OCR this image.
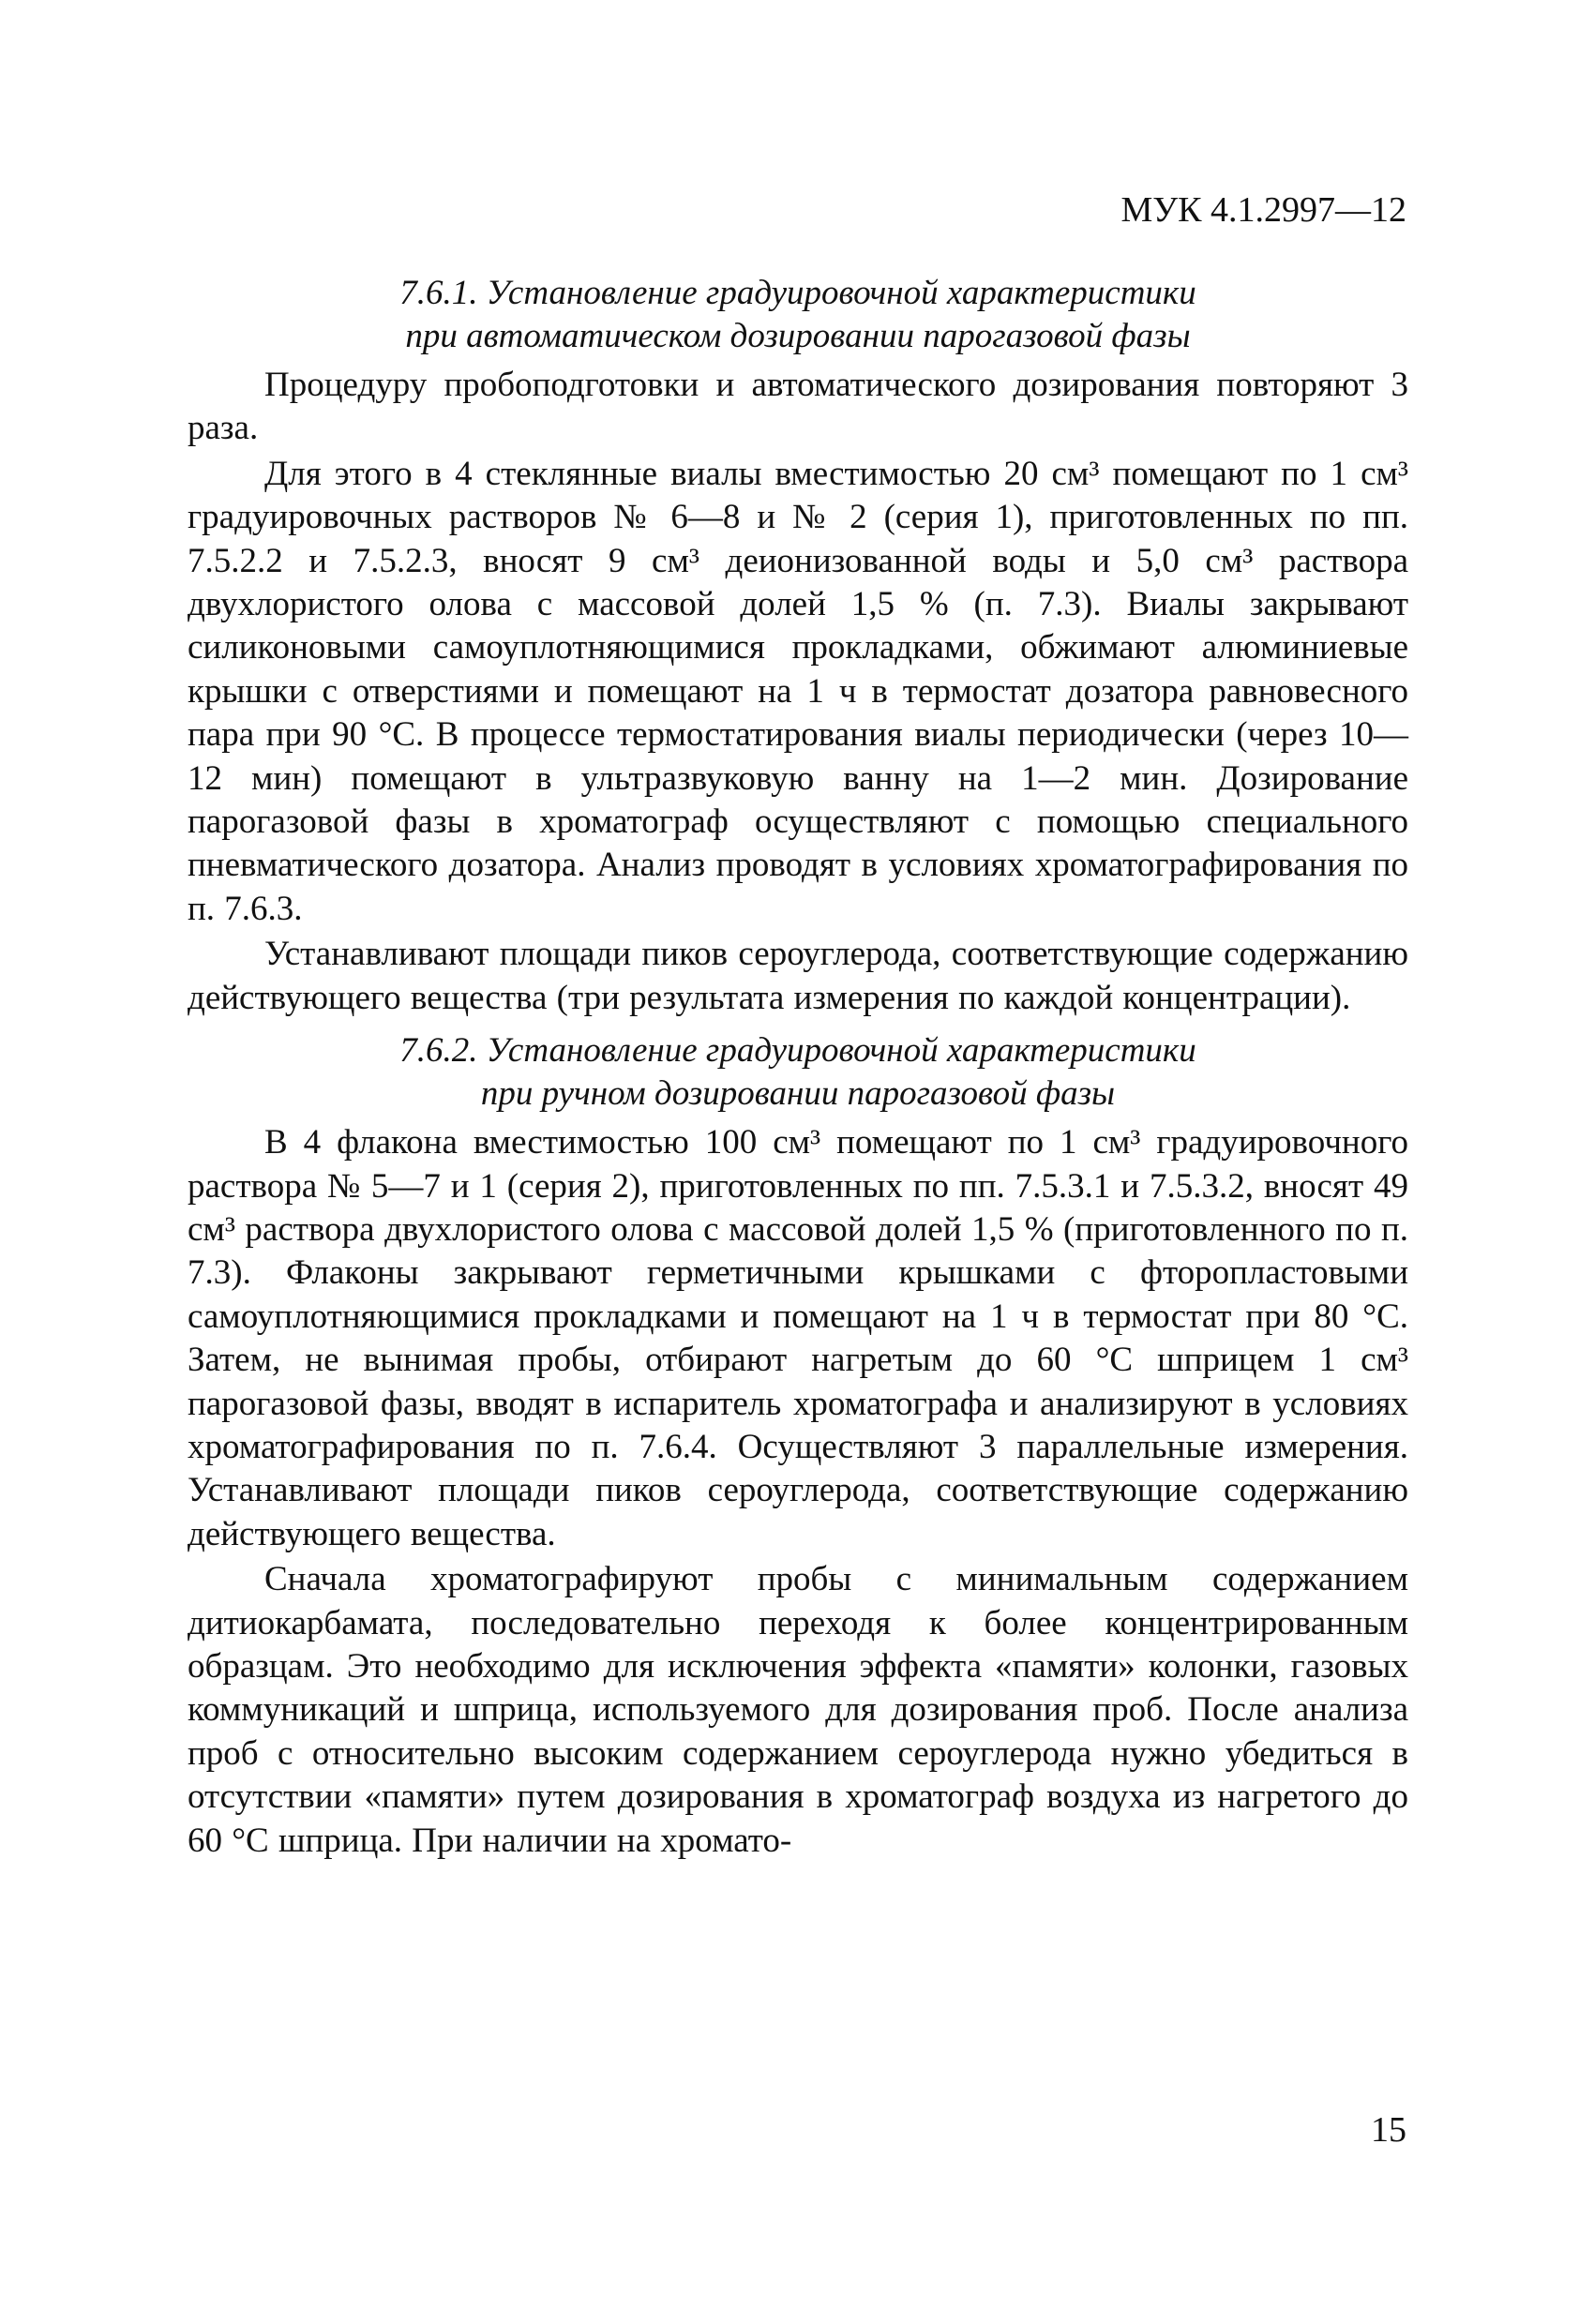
МУК 4.1.2997—12

7.6.1. Установление градуировочной характеристики
при автоматическом дозировании парогазовой фазы

Процедуру пробоподготовки и автоматического дозирования повторяют 3 раза.

Для этого в 4 стеклянные виалы вместимостью 20 см³ помещают по 1 см³ градуировочных растворов № 6—8 и № 2 (серия 1), приготовленных по пп. 7.5.2.2 и 7.5.2.3, вносят 9 см³ деионизованной воды и 5,0 см³ раствора двухлористого олова с массовой долей 1,5 % (п. 7.3). Виалы закрывают силиконовыми самоуплотняющимися прокладками, обжимают алюминиевые крышки с отверстиями и помещают на 1 ч в термостат дозатора равновесного пара при 90 °С. В процессе термостатирования виалы периодически (через 10—12 мин) помещают в ультразвуковую ванну на 1—2 мин. Дозирование парогазовой фазы в хроматограф осуществляют с помощью специального пневматического дозатора. Анализ проводят в условиях хроматографирования по п. 7.6.3.

Устанавливают площади пиков сероуглерода, соответствующие содержанию действующего вещества (три результата измерения по каждой концентрации).

7.6.2. Установление градуировочной характеристики
при ручном дозировании парогазовой фазы

В 4 флакона вместимостью 100 см³ помещают по 1 см³ градуировочного раствора № 5—7 и 1 (серия 2), приготовленных по пп. 7.5.3.1 и 7.5.3.2, вносят 49 см³ раствора двухлористого олова с массовой долей 1,5 % (приготовленного по п. 7.3). Флаконы закрывают герметичными крышками с фторопластовыми самоуплотняющимися прокладками и помещают на 1 ч в термостат при 80 °С. Затем, не вынимая пробы, отбирают нагретым до 60 °С шприцем 1 см³ парогазовой фазы, вводят в испаритель хроматографа и анализируют в условиях хроматографирования по п. 7.6.4. Осуществляют 3 параллельные измерения. Устанавливают площади пиков сероуглерода, соответствующие содержанию действующего вещества.

Сначала хроматографируют пробы с минимальным содержанием дитиокарбамата, последовательно переходя к более концентрированным образцам. Это необходимо для исключения эффекта «памяти» колонки, газовых коммуникаций и шприца, используемого для дозирования проб. После анализа проб с относительно высоким содержанием сероуглерода нужно убедиться в отсутствии «памяти» путем дозирования в хроматограф воздуха из нагретого до 60 °С шприца. При наличии на хромато-

15
